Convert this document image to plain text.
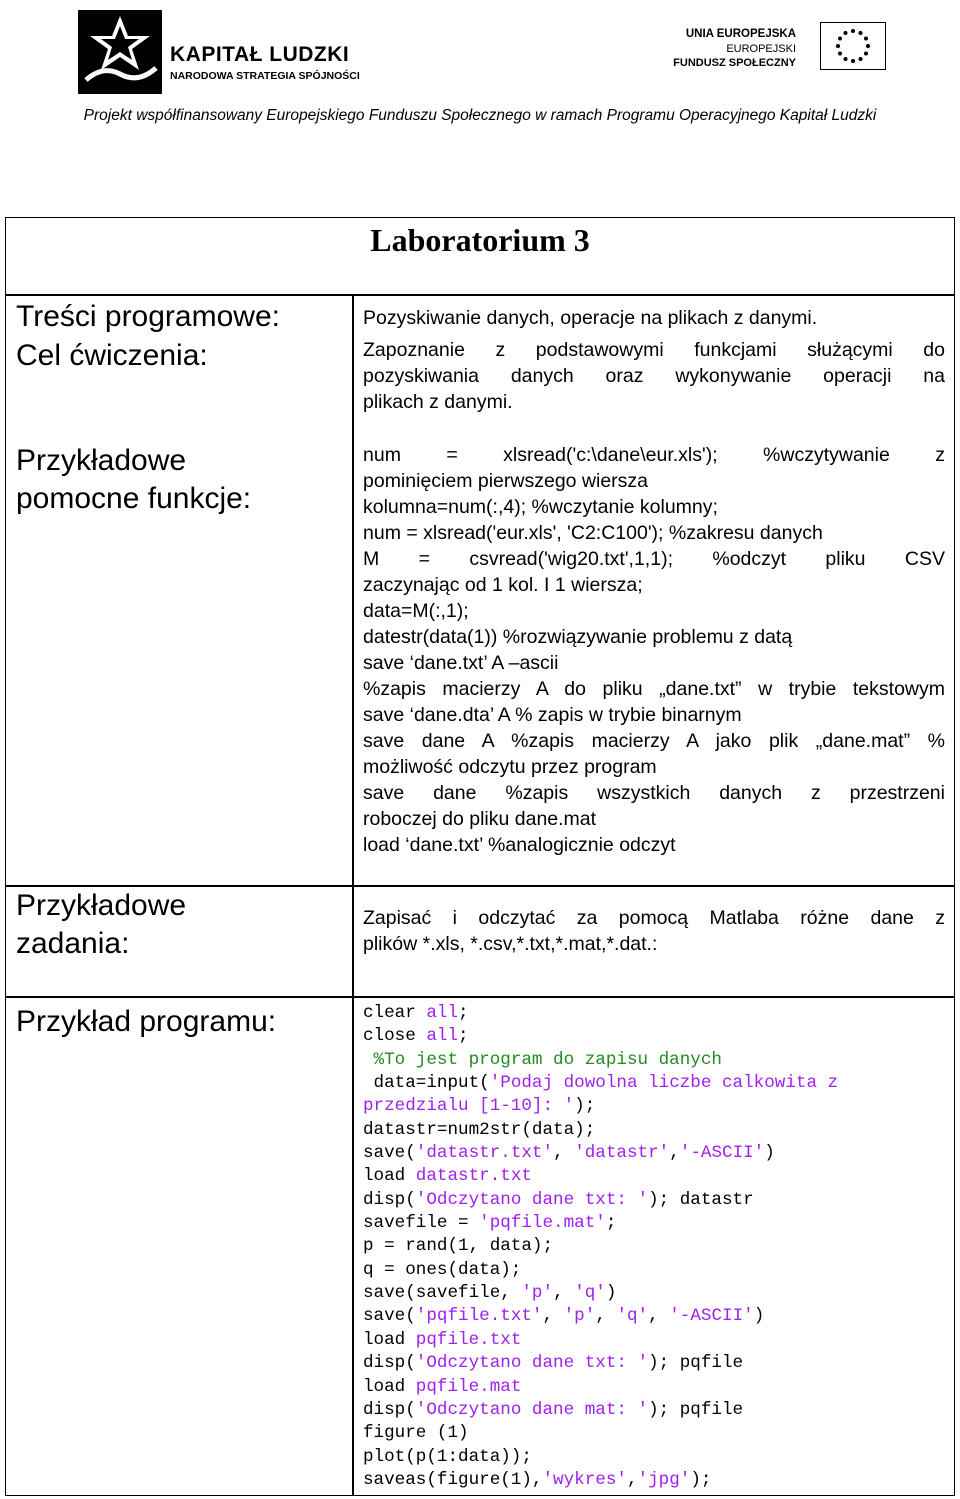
KAPITAŁ LUDZKI
NARODOWA STRATEGIA SPÓJNOŚCI
UNIA EUROPEJSKA
EUROPEJSKI
FUNDUSZ SPOŁECZNY
Projekt współfinansowany Europejskiego Funduszu Społecznego w ramach Programu Operacyjnego Kapitał Ludzki
Laboratorium 3
Treści programowe:	Pozyskiwanie danych, operacje na plikach z danymi.
Cel ćwiczenia:	Zapoznanie z podstawowymi funkcjami służącymi do
pozyskiwania danych oraz wykonywanie operacji na
plikach z danymi.
Przykładowe
pomocne funkcje:
num = xlsread('c:\dane\eur.xls'); %wczytywanie z
pominięciem pierwszego wiersza
kolumna=num(:,4); %wczytanie kolumny;
num = xlsread('eur.xls', 'C2:C100'); %zakresu danych
M = csvread('wig20.txt',1,1); %odczyt pliku CSV
zaczynając od 1 kol. I 1 wiersza;
data=M(:,1);
datestr(data(1)) %rozwiązywanie problemu z datą
save ‘dane.txt’ A –ascii
%zapis macierzy A do pliku „dane.txt” w trybie tekstowym
save ‘dane.dta’ A % zapis w trybie binarnym
save dane A %zapis macierzy A jako plik „dane.mat” %
możliwość odczytu przez program
save dane %zapis wszystkich danych z przestrzeni
roboczej do pliku dane.mat
load ‘dane.txt’ %analogicznie odczyt
Przykładowe
zadania:
Zapisać i odczytać za pomocą Matlaba różne dane z
plików *.xls, *.csv,*.txt,*.mat,*.dat.:
Przykład programu:	clear all;
close all;
%To jest program do zapisu danych
data=input('Podaj dowolna liczbe calkowita z
przedzialu [1-10]: ');
datastr=num2str(data);
save('datastr.txt', 'datastr','-ASCII')
load datastr.txt
disp('Odczytano dane txt: '); datastr
savefile = 'pqfile.mat';
p = rand(1, data);
q = ones(data);
save(savefile, 'p', 'q')
save('pqfile.txt', 'p', 'q', '-ASCII')
load pqfile.txt
disp('Odczytano dane txt: '); pqfile
load pqfile.mat
disp('Odczytano dane mat: '); pqfile
figure (1)
plot(p(1:data));
saveas(figure(1),'wykres','jpg');
